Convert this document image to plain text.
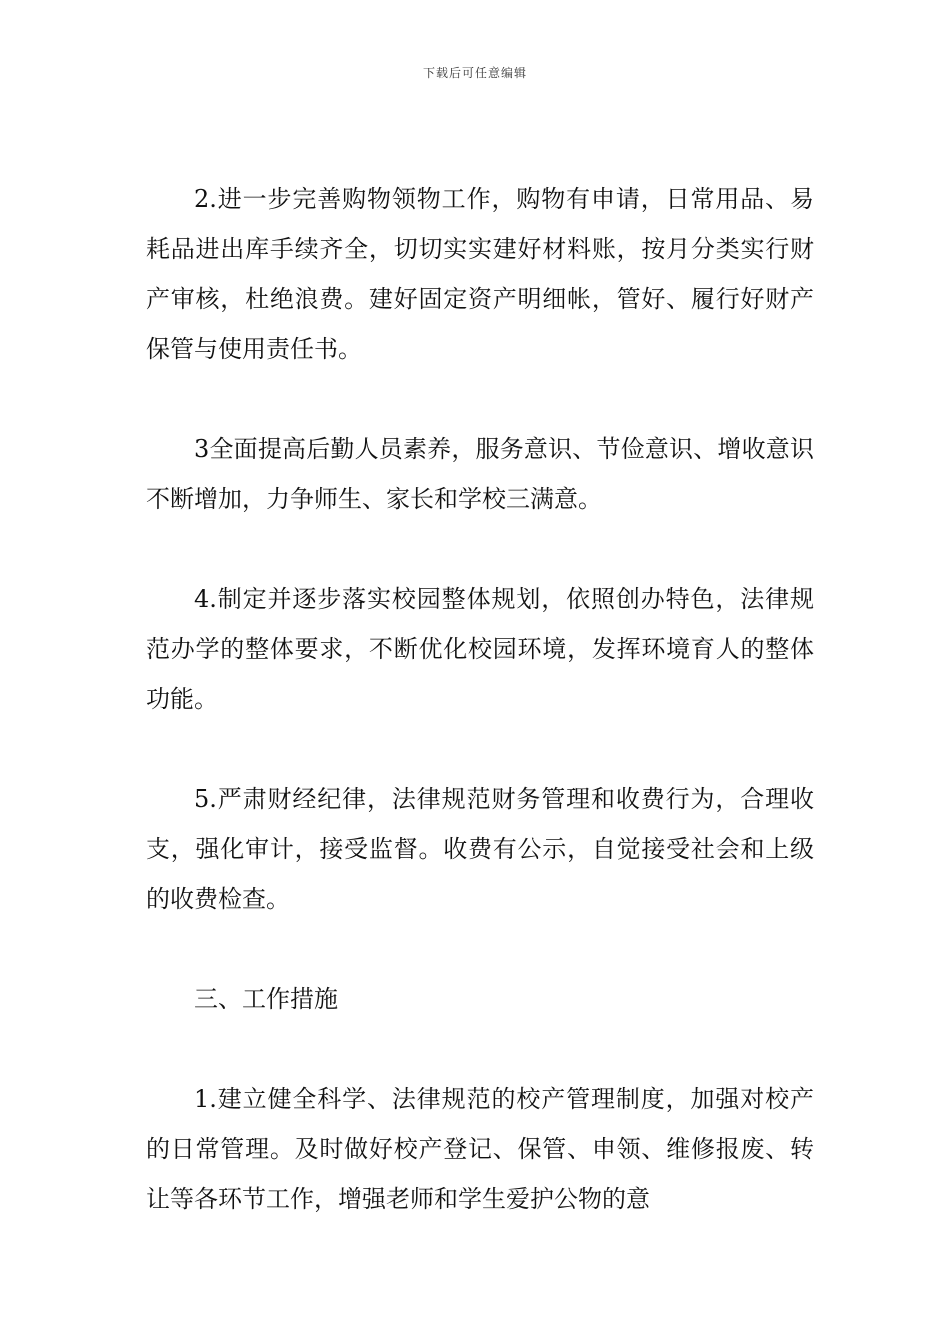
下载后可任意编辑

2.进一步完善购物领物工作，购物有申请，日常用品、易耗品进出库手续齐全，切切实实建好材料账，按月分类实行财产审核，杜绝浪费。建好固定资产明细帐，管好、履行好财产保管与使用责任书。

3全面提高后勤人员素养，服务意识、节俭意识、增收意识不断增加，力争师生、家长和学校三满意。

4.制定并逐步落实校园整体规划，依照创办特色，法律规范办学的整体要求，不断优化校园环境，发挥环境育人的整体功能。

5.严肃财经纪律，法律规范财务管理和收费行为，合理收支，强化审计，接受监督。收费有公示，自觉接受社会和上级的收费检查。

三、工作措施

1.建立健全科学、法律规范的校产管理制度，加强对校产的日常管理。及时做好校产登记、保管、申领、维修报废、转让等各环节工作，增强老师和学生爱护公物的意
